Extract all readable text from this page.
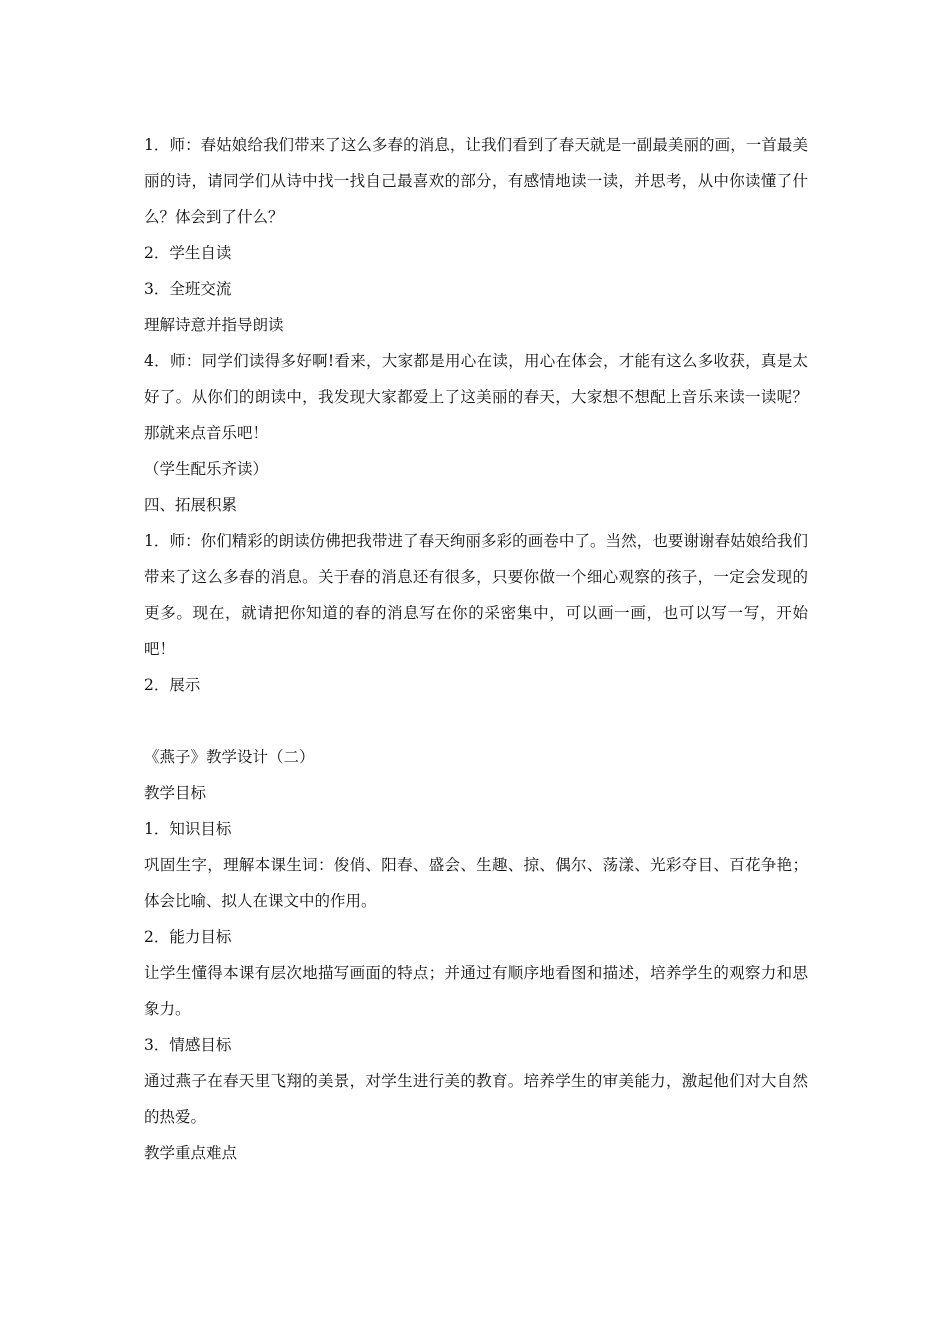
1．师：春姑娘给我们带来了这么多春的消息，让我们看到了春天就是一副最美丽的画，一首最美丽的诗，请同学们从诗中找一找自己最喜欢的部分，有感情地读一读，并思考，从中你读懂了什么？体会到了什么？

2．学生自读

3．全班交流

理解诗意并指导朗读

4．师：同学们读得多好啊!看来，大家都是用心在读，用心在体会，才能有这么多收获，真是太好了。从你们的朗读中，我发现大家都爱上了这美丽的春天，大家想不想配上音乐来读一读呢？那就来点音乐吧！

（学生配乐齐读）

四、拓展积累

1．师：你们精彩的朗读仿佛把我带进了春天绚丽多彩的画卷中了。当然，也要谢谢春姑娘给我们带来了这么多春的消息。关于春的消息还有很多，只要你做一个细心观察的孩子，一定会发现的更多。现在，就请把你知道的春的消息写在你的采密集中，可以画一画，也可以写一写，开始吧！

2．展示

《燕子》教学设计（二）

教学目标

1．知识目标

巩固生字，理解本课生词：俊俏、阳春、盛会、生趣、掠、偶尔、荡漾、光彩夺目、百花争艳；体会比喻、拟人在课文中的作用。

2．能力目标

让学生懂得本课有层次地描写画面的特点；并通过有顺序地看图和描述，培养学生的观察力和思象力。

3．情感目标

通过燕子在春天里飞翔的美景，对学生进行美的教育。培养学生的审美能力，激起他们对大自然的热爱。

教学重点难点
